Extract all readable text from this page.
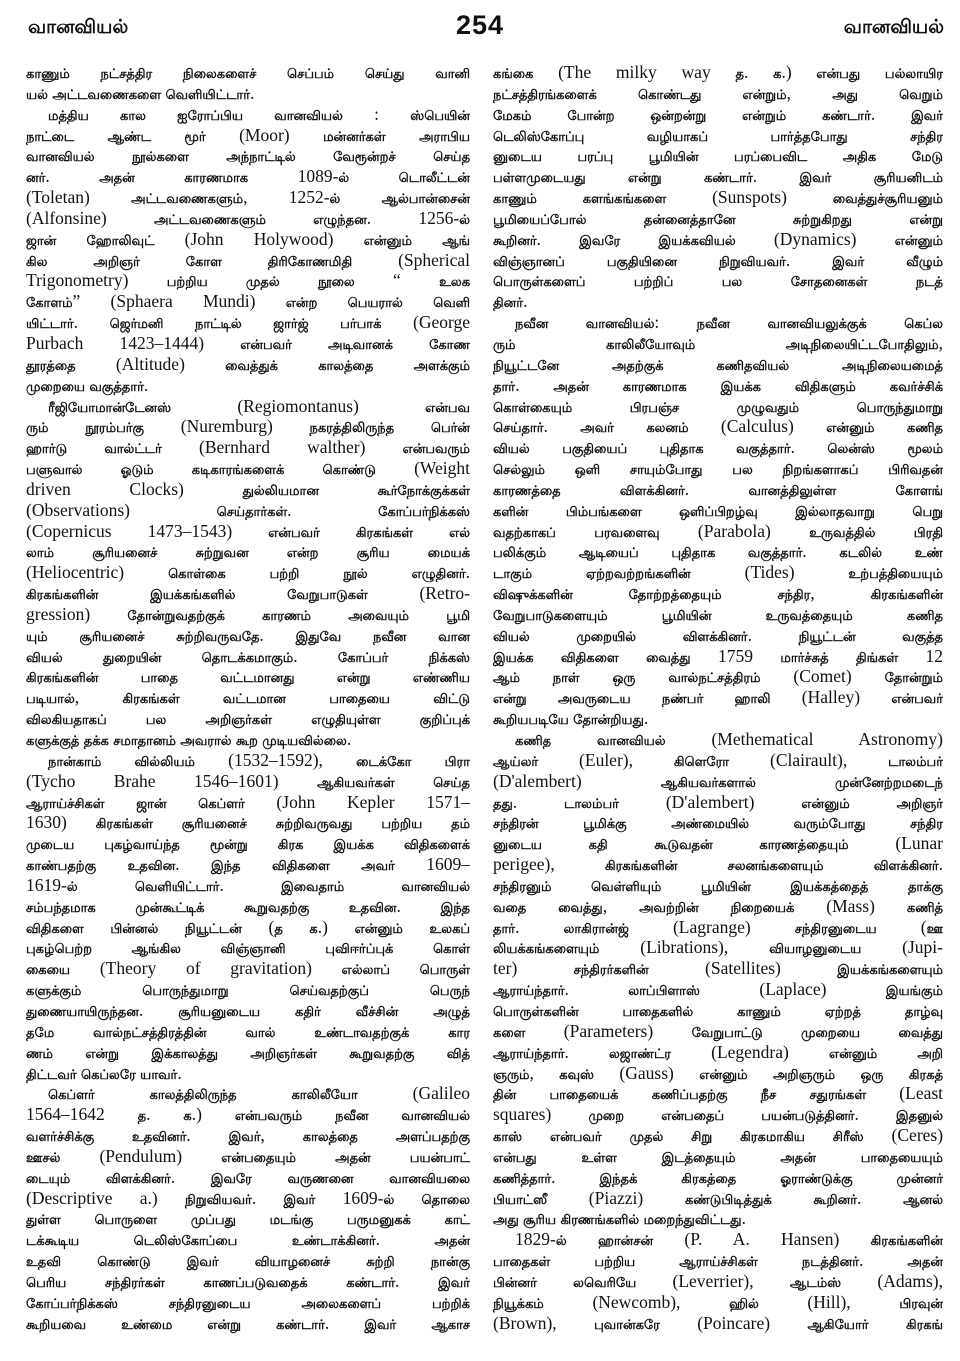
வானவியல்	254	வானவியல்
காணும் நட்சத்திர நிலைகளைச் செப்பம் செய்து வானி
யல் அட்டவணைகளை வெளியிட்டார்.
மத்திய கால ஐரோப்பிய வானவியல் : ஸ்பெயின்
நாட்டை	ஆண்ட	மூர் (Moor) மன்னர்கள்	அராபிய
வானவியல்	நூல்களை	அந்நாட்டில்	வேரூன்றச்	செய்த
னர். அதன்	காரணமாக 1089-ல்	டொலீட்டன்
(Toletan) அட்டவணைகளும், 1252-ல்	ஆல்பான்சைன்
(Alfonsine) அட்டவணைகளும்	எழுந்தன. 1256-ல்
ஜான் ஹோலிவுட் (John Holywood) என்னும் ஆங்
கில	அறிஞர்	கோள	திரிகோணமிதி (Spherical
Trigonometry) பற்றிய	முதல்	நூலை “ உலக
கோளம்” (Sphaera Mundi) என்ற பெயரால் வெளி
யிட்டார். ஜெர்மனி நாட்டில் ஜார்ஜ் பர்பாக் (George
Purbach 1423–1444) என்பவர்	அடிவானக்	கோண
தூரத்தை (Altitude) வைத்துக்	காலத்தை	அளக்கும்
முறையை வகுத்தார்.
ரீஜியோமான்டேனஸ் (Regiomontanus) என்பவ
ரும்	நூரம்பர்கு (Nuremburg) நகரத்திலிருந்த	பெர்ன்
ஹார்டு	வால்ட்டர் (Bernhard walther) என்பவரும்
பளுவால்	ஓடும்	கடிகாரங்களைக்	கொண்டு (Weight
driven Clocks) துல்லியமான	கூர்நோக்குக்கள்
(Observations) செய்தார்கள். கோப்பர்நிக்கஸ்
(Copernicus 1473–1543) என்பவர்	கிரகங்கள்	எல்
லாம்	சூரியனைச்	சுற்றுவன	என்ற	சூரிய	மையக்
(Heliocentric) கொள்கை	பற்றி	நூல்	எழுதினர்.
கிரகங்களின்	இயக்கங்களில்	வேறுபாடுகள் (Retro-
gression) தோன்றுவதற்குக்	காரணம்	அவையும்	பூமி
யும் சூரியனைச் சுற்றிவருவதே. இதுவே நவீன வான
வியல்	துறையின்	தொடக்கமாகும். கோப்பர்	நிக்கஸ்
கிரகங்களின்	பாதை	வட்டமானது	என்று	எண்ணிய
படியால், கிரகங்கள்	வட்டமான	பாதையை	விட்டு
விலகியதாகப்	பல	அறிஞர்கள்	எழுதியுள்ள	குறிப்புக்
களுக்குத் தக்க சமாதானம் அவரால் கூற முடியவில்லை.
நான்காம்	வில்லியம் (1532–1592), டைக்கோ	பிரா
(Tycho Brahe 1546–1601) ஆகியவர்கள்	செய்த
ஆராய்ச்சிகள் ஜான் கெப்ளர் (John Kepler 1571–
1630) கிரகங்கள் சூரியனைச் சுற்றிவருவது பற்றிய தம்
முடைய புகழ்வாய்ந்த மூன்று கிரக இயக்க விதிகளைக்
காண்பதற்கு உதவின. இந்த விதிகளை அவர் 1609–
1619-ல்	வெளியிட்டார். இவைதாம்	வானவியல்
சம்பந்தமாக	முன்கூட்டிக்	கூறுவதற்கு	உதவின. இந்த
விதிகளை பின்னல் நியூட்டன் (த க.) என்னும் உலகப்
புகழ்பெற்ற	ஆங்கில	விஞ்ஞானி	புவிஈர்ப்புக்	கொள்
கையை (Theory of gravitation) எல்லாப் பொருள்
களுக்கும்	பொருந்துமாறு	செய்வதற்குப்	பெருந்
துணையாயிருந்தன. சூரியனுடைய	கதிர்	வீச்சின்	அழுத்
தமே	வால்நட்சத்திரத்தின்	வால்	உண்டாவதற்குக்	கார
ணம் என்று இக்காலத்து அறிஞர்கள் கூறுவதற்கு வித்
திட்டவர் கெப்லரே யாவர்.
கெப்ளர்	காலத்திலிருந்த	காலிலீயோ (Galileo
1564–1642 த. க.) என்பவரும்	நவீன	வானவியல்
வளர்ச்சிக்கு	உதவினர். இவர், காலத்தை	அளப்பதற்கு
ஊசல் (Pendulum) என்பதையும்	அதன்	பயன்பாட்
டையும்	விளக்கினர். இவரே	வருணனை	வானவியலை
(Descriptive a.) நிறுவியவர். இவர் 1609-ல் தொலை
துள்ள	பொருளை	முப்பது	மடங்கு	பருமனுகக்	காட்
டக்கூடிய	டெலிஸ்கோப்பை	உண்டாக்கினர். அதன்
உதவி	கொண்டு	இவர்	வியாழனைச்	சுற்றி	நான்கு
பெரிய	சந்திரர்கள்	காணப்படுவதைக்	கண்டார். இவர்
கோப்பர்நிக்கஸ்	சந்திரனுடைய	அலைகளைப்	பற்றிக்
கூறியவை	உண்மை	என்று	கண்டார். இவர்	ஆகாச
கங்கை (The milky way த. க.) என்பது பல்லாயிர
நட்சத்திரங்களைக்	கொண்டது	என்றும், அது	வெறும்
மேகம்	போன்ற	ஒன்றன்று	என்றும்	கண்டார். இவர்
டெலிஸ்கோப்பு	வழியாகப்	பார்த்தபோது	சந்திர
னுடைய	பரப்பு	பூமியின்	பரப்பைவிட	அதிக	மேடு
பள்ளமுடையது	என்று	கண்டார். இவர்	சூரியனிடம்
காணும்	களங்கங்களை (Sunspots) வைத்துச்சூரியனும்
பூமியைப்போல்	தன்னைத்தானே	சுற்றுகிறது	என்று
கூறினர். இவரே	இயக்கவியல் (Dynamics) என்னும்
விஞ்ஞானப்	பகுதியினை	நிறுவியவர். இவர்	வீழும்
பொருள்களைப்	பற்றிப்	பல	சோதனைகள்	நடத்
தினர்.
நவீன	வானவியல்: நவீன	வானவியலுக்குக்	கெப்ல
ரும்	காலிலீயோவும்	அடிநிலையிட்டபோதிலும்,
நியூட்டனே	அதற்குக்	கணிதவியல்	அடிநிலையமைத்
தார். அதன்	காரணமாக	இயக்க	விதிகளும்	கவர்ச்சிக்
கொள்கையும்	பிரபஞ்ச	முழுவதும்	பொருந்துமாறு
செய்தார். அவர் கலனம் (Calculus) என்னும் கணித
வியல்	பகுதியைப்	புதிதாக	வகுத்தார். லென்ஸ்	மூலம்
செல்லும் ஒளி சாயும்போது பல நிறங்களாகப் பிரிவதன்
காரணத்தை	விளக்கினர். வானத்திலுள்ள	கோளங்
களின்	பிம்பங்களை	ஒளிப்பிறழ்வு	இல்லாதவாறு	பெறு
வதற்காகப்	பரவளைவு (Parabola) உருவத்தில்	பிரதி
பலிக்கும்	ஆடியைப்	புதிதாக	வகுத்தார். கடலில்	உண்
டாகும்	ஏற்றவற்றங்களின் (Tides) உற்பத்தியையும்
விஷுக்களின்	தோற்றத்தையும்	சந்திர, கிரகங்களின்
வேறுபாடுகளையும்	பூமியின்	உருவத்தையும்	கணித
வியல்	முறையில்	விளக்கினர். நியூட்டன்	வகுத்த
இயக்க விதிகளை வைத்து 1759 மார்ச்சுத் திங்கள் 12
ஆம்	நாள்	ஒரு	வால்நட்சத்திரம் (Comet) தோன்றும்
என்று அவருடைய நண்பர் ஹாலி (Halley) என்பவர்
கூறியபடியே தோன்றியது.
கணித	வானவியல் (Methematical Astronomy)
ஆய்லர் (Euler), கிளெரோ (Clairault), டாலம்பர்
(D'alembert) ஆகியவர்களால்	முன்னேற்றமடைந்
தது. டாலம்பர் (D'alembert) என்னும்	அறிஞர்
சந்திரன்	பூமிக்கு	அண்மையில்	வரும்போது	சந்திர
னுடைய	கதி	கூடுவதன்	காரணத்தையும் (Lunar
perigee), கிரகங்களின்	சலனங்களையும்	விளக்கினர்.
சந்திரனும்	வெள்ளியும்	பூமியின்	இயக்கத்தைத்	தாக்கு
வதை வைத்து, அவற்றின் நிறையைக் (Mass) கணித்
தார். லாகிரான்ஜ் (Lagrange) சந்திரனுடைய (ஊ
லியக்கங்களையும் (Librations), வியாழனுடைய (Jupi-
ter) சந்திரர்களின் (Satellites) இயக்கங்களையும்
ஆராய்ந்தார். லாப்பிளாஸ் (Laplace) இயங்கும்
பொருள்களின்	பாதைகளில்	காணும்	ஏற்றத்	தாழ்வு
களை (Parameters) வேறுபாட்டு	முறையை	வைத்து
ஆராய்ந்தார். லஜாண்ட்ர (Legendra) என்னும்	அறி
ஞரும், கவுஸ் (Gauss) என்னும் அறிஞரும் ஒரு கிரகத்
தின்	பாதையைக்	கணிப்பதற்கு	நீச	சதுரங்கள் (Least
squares) முறை	என்பதைப்	பயன்படுத்தினர். இதனுல்
காஸ் என்பவர் முதல் சிறு கிரகமாகிய சிரீஸ் (Ceres)
என்பது	உள்ள	இடத்தையும்	அதன்	பாதையையும்
கணித்தார். இந்தக்	கிரகத்தை	ஓராண்டுக்கு	முன்னர்
பியாட்ஸீ (Piazzi) கண்டுபிடித்துக்	கூறினர். ஆனல்
அது சூரிய கிரணங்களில் மறைந்துவிட்டது.
1829-ல் ஹான்சன் (P. A. Hansen) கிரகங்களின்
பாதைகள்	பற்றிய	ஆராய்ச்சிகள்	நடத்தினர். அதன்
பின்னர்	லவெரியே (Leverrier), ஆடம்ஸ் (Adams),
நியூக்கம் (Newcomb), ஹில் (Hill), பிரவுன்
(Brown), புவான்கரே (Poincare) ஆகியோர்	கிரகங்
